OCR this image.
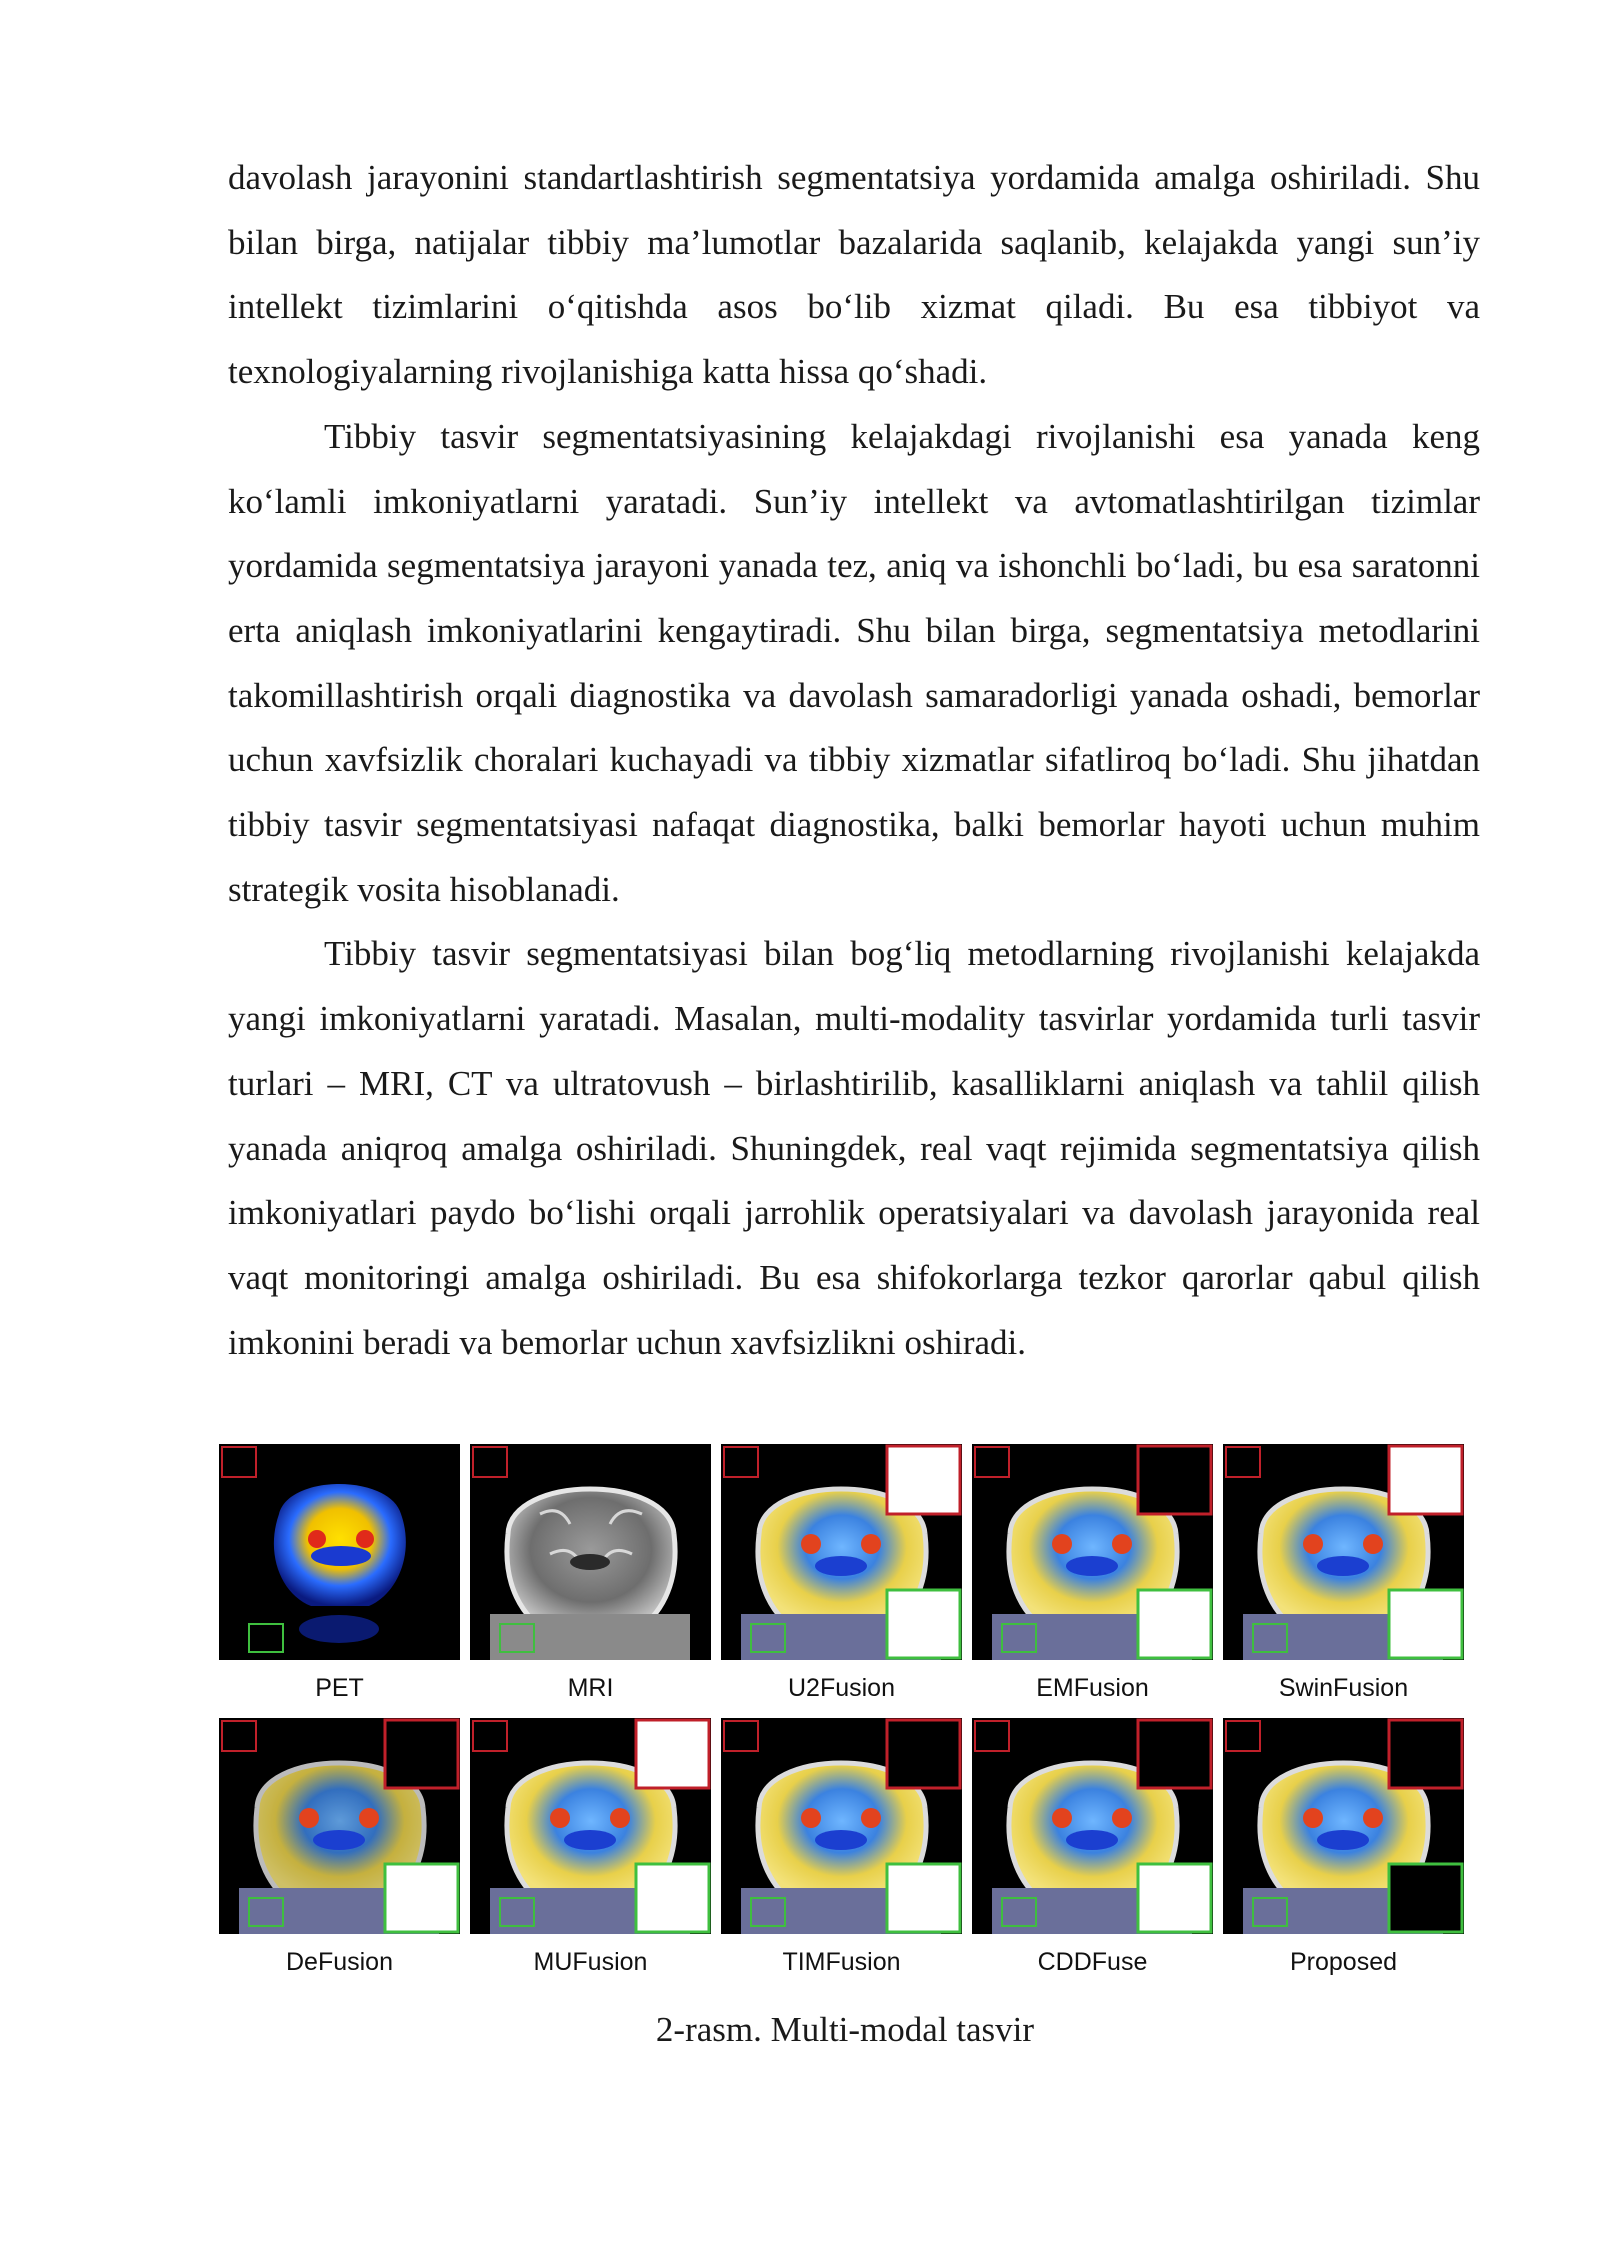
davolash jarayonini standartlashtirish segmentatsiya yordamida amalga oshiriladi. Shu bilan birga, natijalar tibbiy ma’lumotlar bazalarida saqlanib, kelajakda yangi sun’iy intellekt tizimlarini o‘qitishda asos bo‘lib xizmat qiladi. Bu esa tibbiyot va texnologiyalarning rivojlanishiga katta hissa qo‘shadi.

Tibbiy tasvir segmentatsiyasining kelajakdagi rivojlanishi esa yanada keng ko‘lamli imkoniyatlarni yaratadi. Sun’iy intellekt va avtomatlashtirilgan tizimlar yordamida segmentatsiya jarayoni yanada tez, aniq va ishonchli bo‘ladi, bu esa saratonni erta aniqlash imkoniyatlarini kengaytiradi. Shu bilan birga, segmentatsiya metodlarini takomillashtirish orqali diagnostika va davolash samaradorligi yanada oshadi, bemorlar uchun xavfsizlik choralari kuchayadi va tibbiy xizmatlar sifatliroq bo‘ladi. Shu jihatdan tibbiy tasvir segmentatsiyasi nafaqat diagnostika, balki bemorlar hayoti uchun muhim strategik vosita hisoblanadi.

Tibbiy tasvir segmentatsiyasi bilan bog‘liq metodlarning rivojlanishi kelajakda yangi imkoniyatlarni yaratadi. Masalan, multi-modality tasvirlar yordamida turli tasvir turlari – MRI, CT va ultratovush – birlashtirilib, kasalliklarni aniqlash va tahlil qilish yanada aniqroq amalga oshiriladi. Shuningdek, real vaqt rejimida segmentatsiya qilish imkoniyatlari paydo bo‘lishi orqali jarrohlik operatsiyalari va davolash jarayonida real vaqt monitoringi amalga oshiriladi. Bu esa shifokorlarga tezkor qarorlar qabul qilish imkonini beradi va bemorlar uchun xavfsizlikni oshiradi.

PET	MRI	U2Fusion	EMFusion	SwinFusion
DeFusion	MUFusion	TIMFusion	CDDFuse	Proposed
2-rasm. Multi-modal tasvir
